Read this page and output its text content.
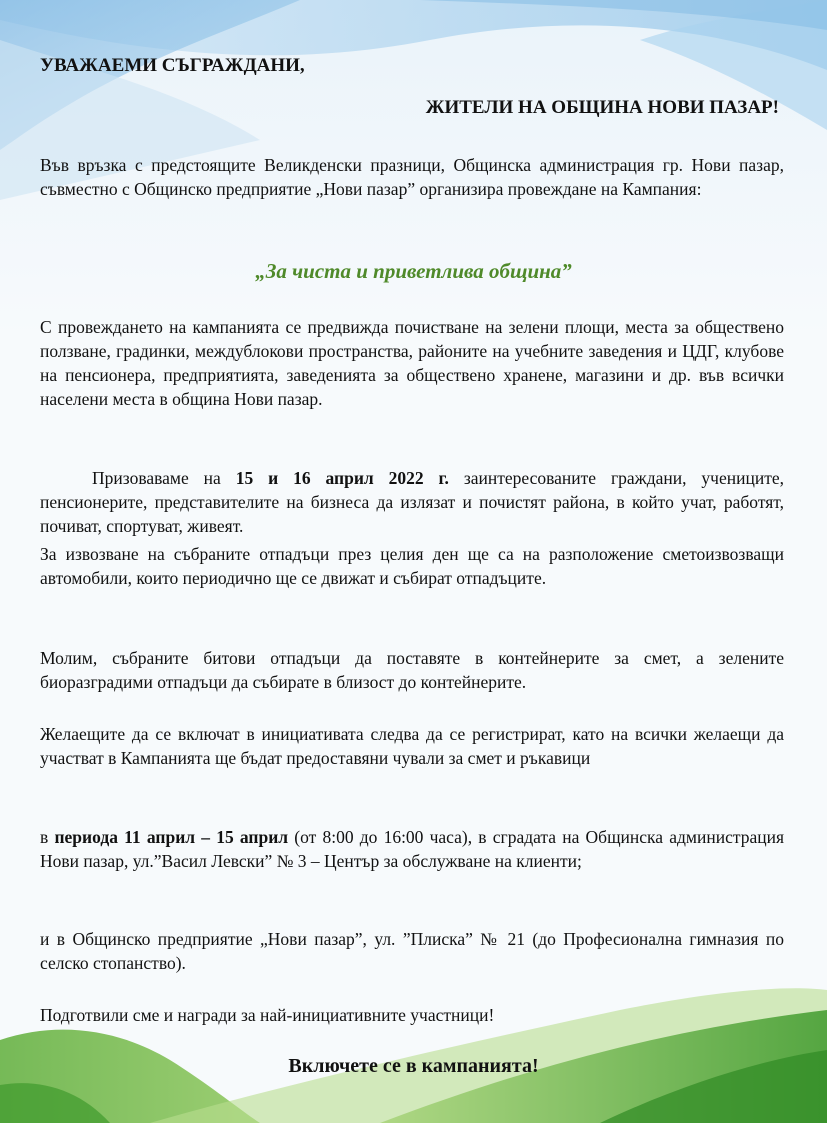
УВАЖАЕМИ СЪГРАЖДАНИ,

ЖИТЕЛИ НА ОБЩИНА НОВИ ПАЗАР!

Във връзка с предстоящите Великденски празници, Общинска администрация гр. Нови пазар, съвместно с Общинско предприятие „Нови пазар” организира провеждане на Кампания:

„За чиста и приветлива община”

С провеждането на кампанията се предвижда почистване на зелени площи, места за обществено ползване, градинки, междублокови пространства, районите на учебните заведения и ЦДГ, клубове на пенсионера, предприятията, заведенията за обществено хранене, магазини и др. във всички населени места в община Нови пазар.

Призоваваме на 15 и 16 април 2022 г. заинтересованите граждани, учениците, пенсионерите, представителите на бизнеса да излязат и почистят района, в който учат, работят, почиват, спортуват, живеят.

За извозване на събраните отпадъци през целия ден ще са на разположение сметоизвозващи автомобили, които периодично ще се движат и събират отпадъците.

Молим, събраните битови отпадъци да поставяте в контейнерите за смет, а зелените биоразградими отпадъци да събирате в близост до контейнерите.

Желаещите да се включат в инициативата следва да се регистрират, като на всички желаещи да участват в Кампанията ще бъдат предоставяни чували за смет и ръкавици

в периода 11 април – 15 април (от 8:00 до 16:00 часа), в сградата на Общинска администрация Нови пазар, ул.”Васил Левски” № 3 – Център за обслужване на клиенти;

и в Общинско предприятие „Нови пазар”, ул. ”Плиска” № 21 (до Професионална гимназия по селско стопанство).

Подготвили сме и награди за най-инициативните участници!

Включете се в кампанията!
